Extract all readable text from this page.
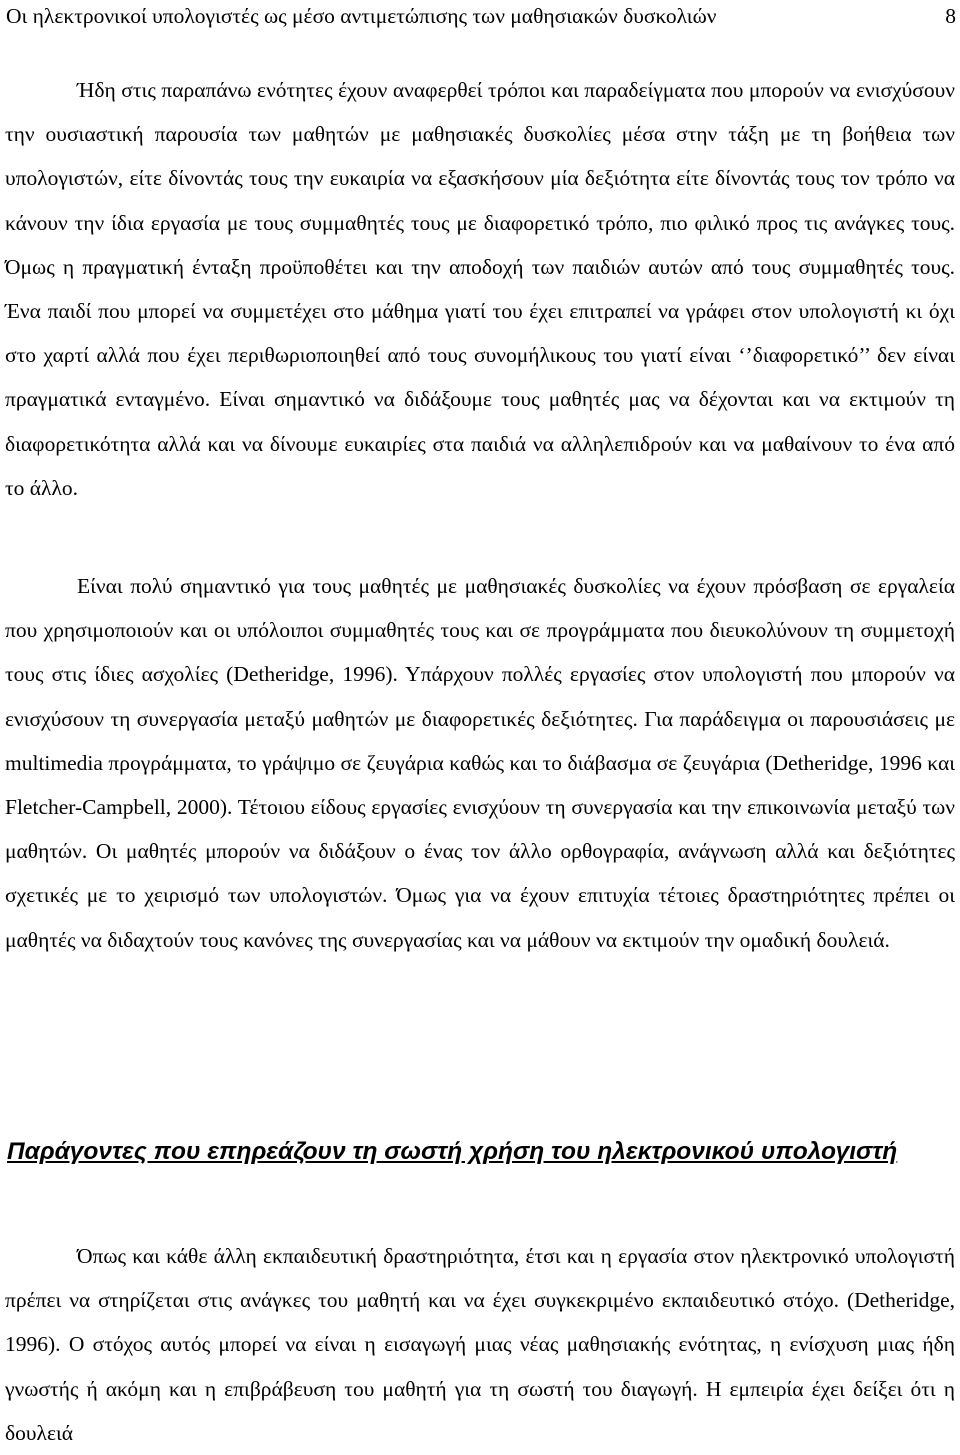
Οι ηλεκτρονικοί υπολογιστές ως μέσο αντιμετώπισης των μαθησιακών δυσκολιών	8

Ήδη στις παραπάνω ενότητες έχουν αναφερθεί τρόποι και παραδείγματα που μπορούν να ενισχύσουν την ουσιαστική παρουσία των μαθητών με μαθησιακές δυσκολίες μέσα στην τάξη με τη βοήθεια των υπολογιστών, είτε δίνοντάς τους την ευκαιρία να εξασκήσουν μία δεξιότητα είτε δίνοντάς τους τον τρόπο να κάνουν την ίδια εργασία με τους συμμαθητές τους με διαφορετικό τρόπο, πιο φιλικό προς τις ανάγκες τους. Όμως η πραγματική ένταξη προϋποθέτει και την αποδοχή των παιδιών αυτών από τους συμμαθητές τους. Ένα παιδί που μπορεί να συμμετέχει στο μάθημα γιατί του έχει επιτραπεί να γράφει στον υπολογιστή κι όχι στο χαρτί αλλά που έχει περιθωριοποιηθεί από τους συνομήλικους του γιατί είναι ‘’διαφορετικό’’ δεν είναι πραγματικά ενταγμένο. Είναι σημαντικό να διδάξουμε τους μαθητές μας να δέχονται και να εκτιμούν τη διαφορετικότητα αλλά και να δίνουμε ευκαιρίες στα παιδιά να αλληλεπιδρούν και να μαθαίνουν το ένα από το άλλο.

Είναι πολύ σημαντικό για τους μαθητές με μαθησιακές δυσκολίες να έχουν πρόσβαση σε εργαλεία που χρησιμοποιούν και οι υπόλοιποι συμμαθητές τους και σε προγράμματα που διευκολύνουν τη συμμετοχή τους στις ίδιες ασχολίες (Detheridge, 1996). Υπάρχουν πολλές εργασίες στον υπολογιστή που μπορούν να ενισχύσουν τη συνεργασία μεταξύ μαθητών με διαφορετικές δεξιότητες. Για παράδειγμα οι παρουσιάσεις με multimedia προγράμματα, το γράψιμο σε ζευγάρια καθώς και το διάβασμα σε ζευγάρια (Detheridge, 1996 και Fletcher-Campbell, 2000). Τέτοιου είδους εργασίες ενισχύουν τη συνεργασία και την επικοινωνία μεταξύ των μαθητών. Οι μαθητές μπορούν να διδάξουν ο ένας τον άλλο ορθογραφία, ανάγνωση αλλά και δεξιότητες σχετικές με το χειρισμό των υπολογιστών. Όμως για να έχουν επιτυχία τέτοιες δραστηριότητες πρέπει οι μαθητές να διδαχτούν τους κανόνες της συνεργασίας και να μάθουν να εκτιμούν την ομαδική δουλειά.

Παράγοντες που επηρεάζουν τη σωστή χρήση του ηλεκτρονικού υπολογιστή

Όπως και κάθε άλλη εκπαιδευτική δραστηριότητα, έτσι και η εργασία στον ηλεκτρονικό υπολογιστή πρέπει να στηρίζεται στις ανάγκες του μαθητή και να έχει συγκεκριμένο εκπαιδευτικό στόχο. (Detheridge, 1996). Ο στόχος αυτός μπορεί να είναι η εισαγωγή μιας νέας μαθησιακής ενότητας, η ενίσχυση μιας ήδη γνωστής ή ακόμη και η επιβράβευση του μαθητή για τη σωστή του διαγωγή. Η εμπειρία έχει δείξει ότι η δουλειά
